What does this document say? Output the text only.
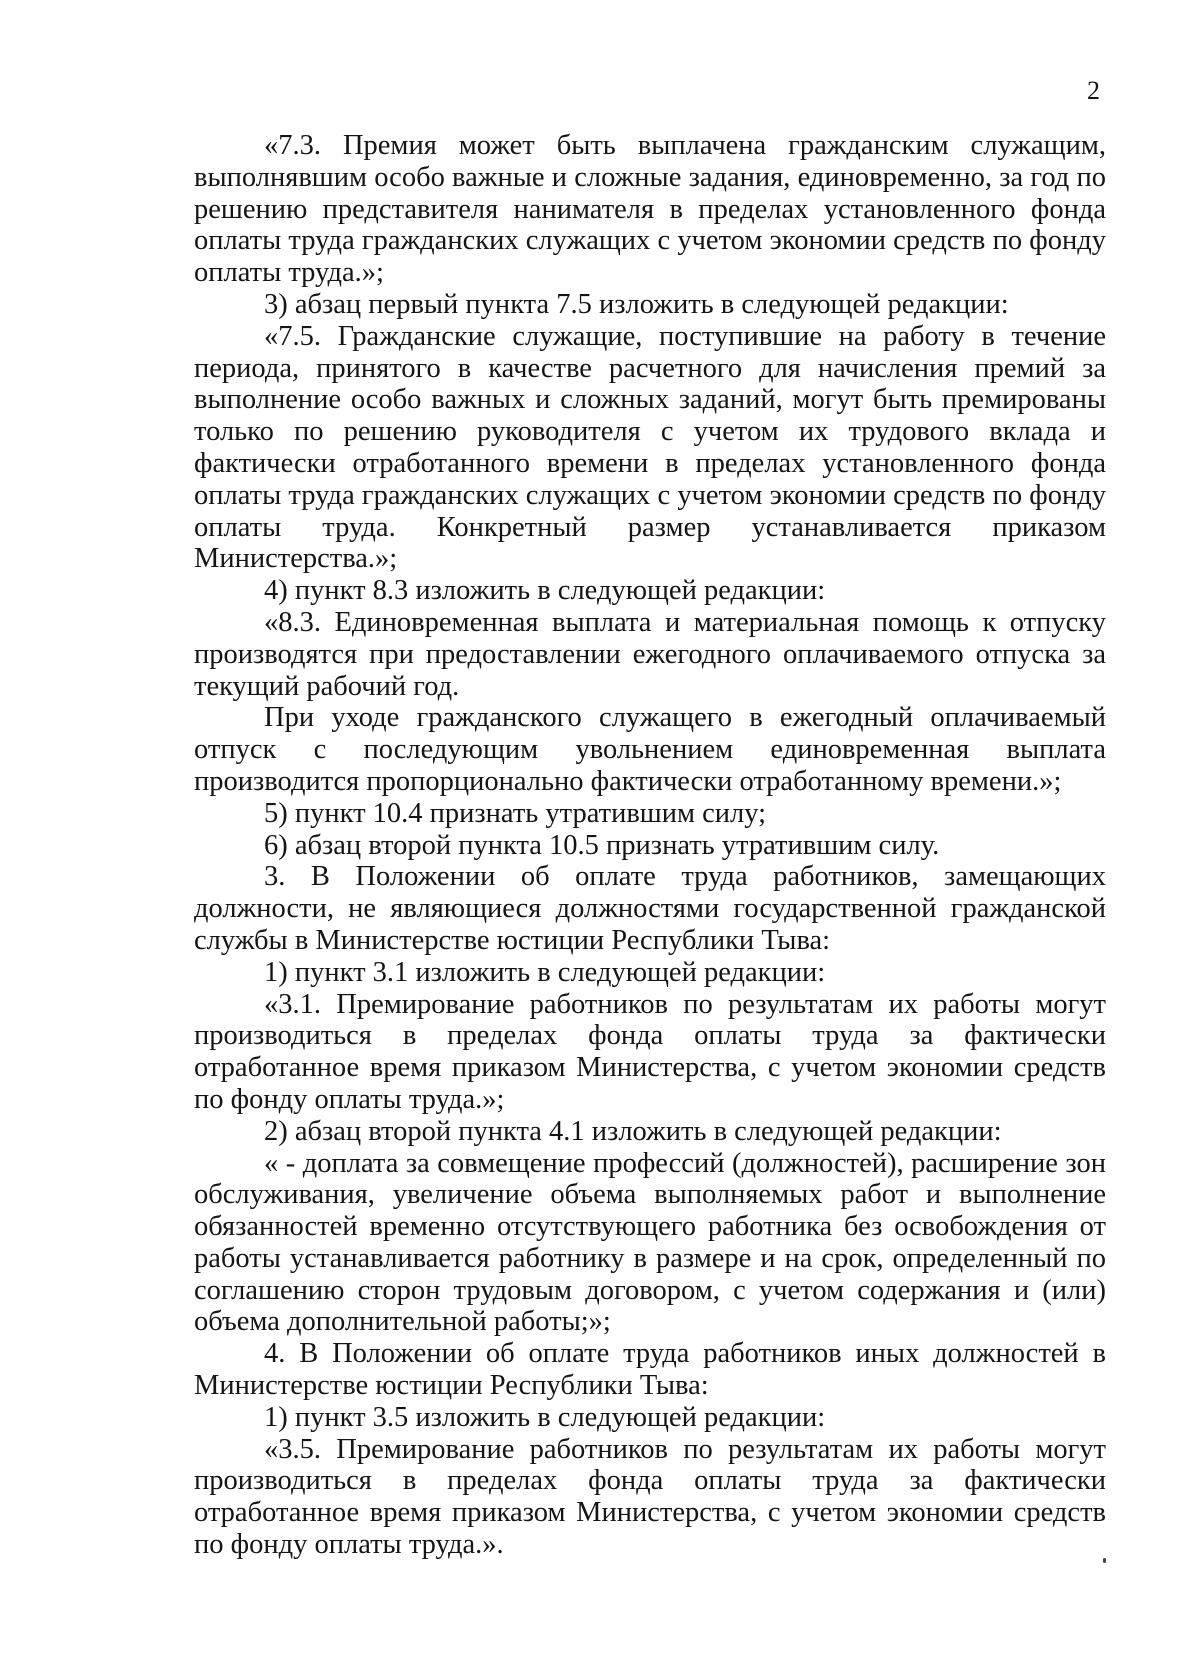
2

«7.3. Премия может быть выплачена гражданским служащим, выполнявшим особо важные и сложные задания, единовременно, за год по решению представителя нанимателя в пределах установленного фонда оплаты труда гражданских служащих с учетом экономии средств по фонду оплаты труда.»;

3) абзац первый пункта 7.5 изложить в следующей редакции:

«7.5. Гражданские служащие, поступившие на работу в течение периода, принятого в качестве расчетного для начисления премий за выполнение особо важных и сложных заданий, могут быть премированы только по решению руководителя с учетом их трудового вклада и фактически отработанного времени в пределах установленного фонда оплаты труда гражданских служащих с учетом экономии средств по фонду оплаты труда. Конкретный размер устанавливается приказом Министерства.»;

4) пункт 8.3 изложить в следующей редакции:

«8.3. Единовременная выплата и материальная помощь к отпуску производятся при предоставлении ежегодного оплачиваемого отпуска за текущий рабочий год.

При уходе гражданского служащего в ежегодный оплачиваемый отпуск с последующим увольнением единовременная выплата производится пропорционально фактически отработанному времени.»;

5) пункт 10.4 признать утратившим силу;

6) абзац второй пункта 10.5 признать утратившим силу.

3. В Положении об оплате труда работников, замещающих должности, не являющиеся должностями государственной гражданской службы в Министерстве юстиции Республики Тыва:

1) пункт 3.1 изложить в следующей редакции:

«3.1. Премирование работников по результатам их работы могут производиться в пределах фонда оплаты труда за фактически отработанное время приказом Министерства, с учетом экономии средств по фонду оплаты труда.»;

2) абзац второй пункта 4.1 изложить в следующей редакции:

« - доплата за совмещение профессий (должностей), расширение зон обслуживания, увеличение объема выполняемых работ и выполнение обязанностей временно отсутствующего работника без освобождения от работы устанавливается работнику в размере и на срок, определенный по соглашению сторон трудовым договором, с учетом содержания и (или) объема дополнительной работы;»;

4. В Положении об оплате труда работников иных должностей в Министерстве юстиции Республики Тыва:

1) пункт 3.5 изложить в следующей редакции:

«3.5. Премирование работников по результатам их работы могут производиться в пределах фонда оплаты труда за фактически отработанное время приказом Министерства, с учетом экономии средств по фонду оплаты труда.».
